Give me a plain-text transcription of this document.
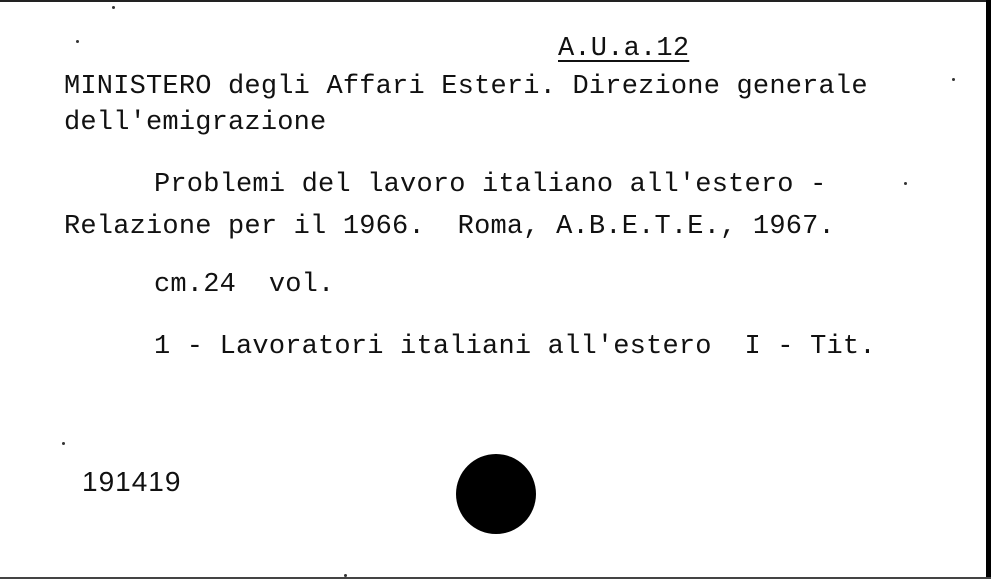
A.U.a.12
MINISTERO degli Affari Esteri. Direzione generale
dell'emigrazione
Problemi del lavoro italiano all'estero -
Relazione per il 1966.  Roma, A.B.E.T.E., 1967.
cm.24  vol.
1 - Lavoratori italiani all'estero  I - Tit.
191419
